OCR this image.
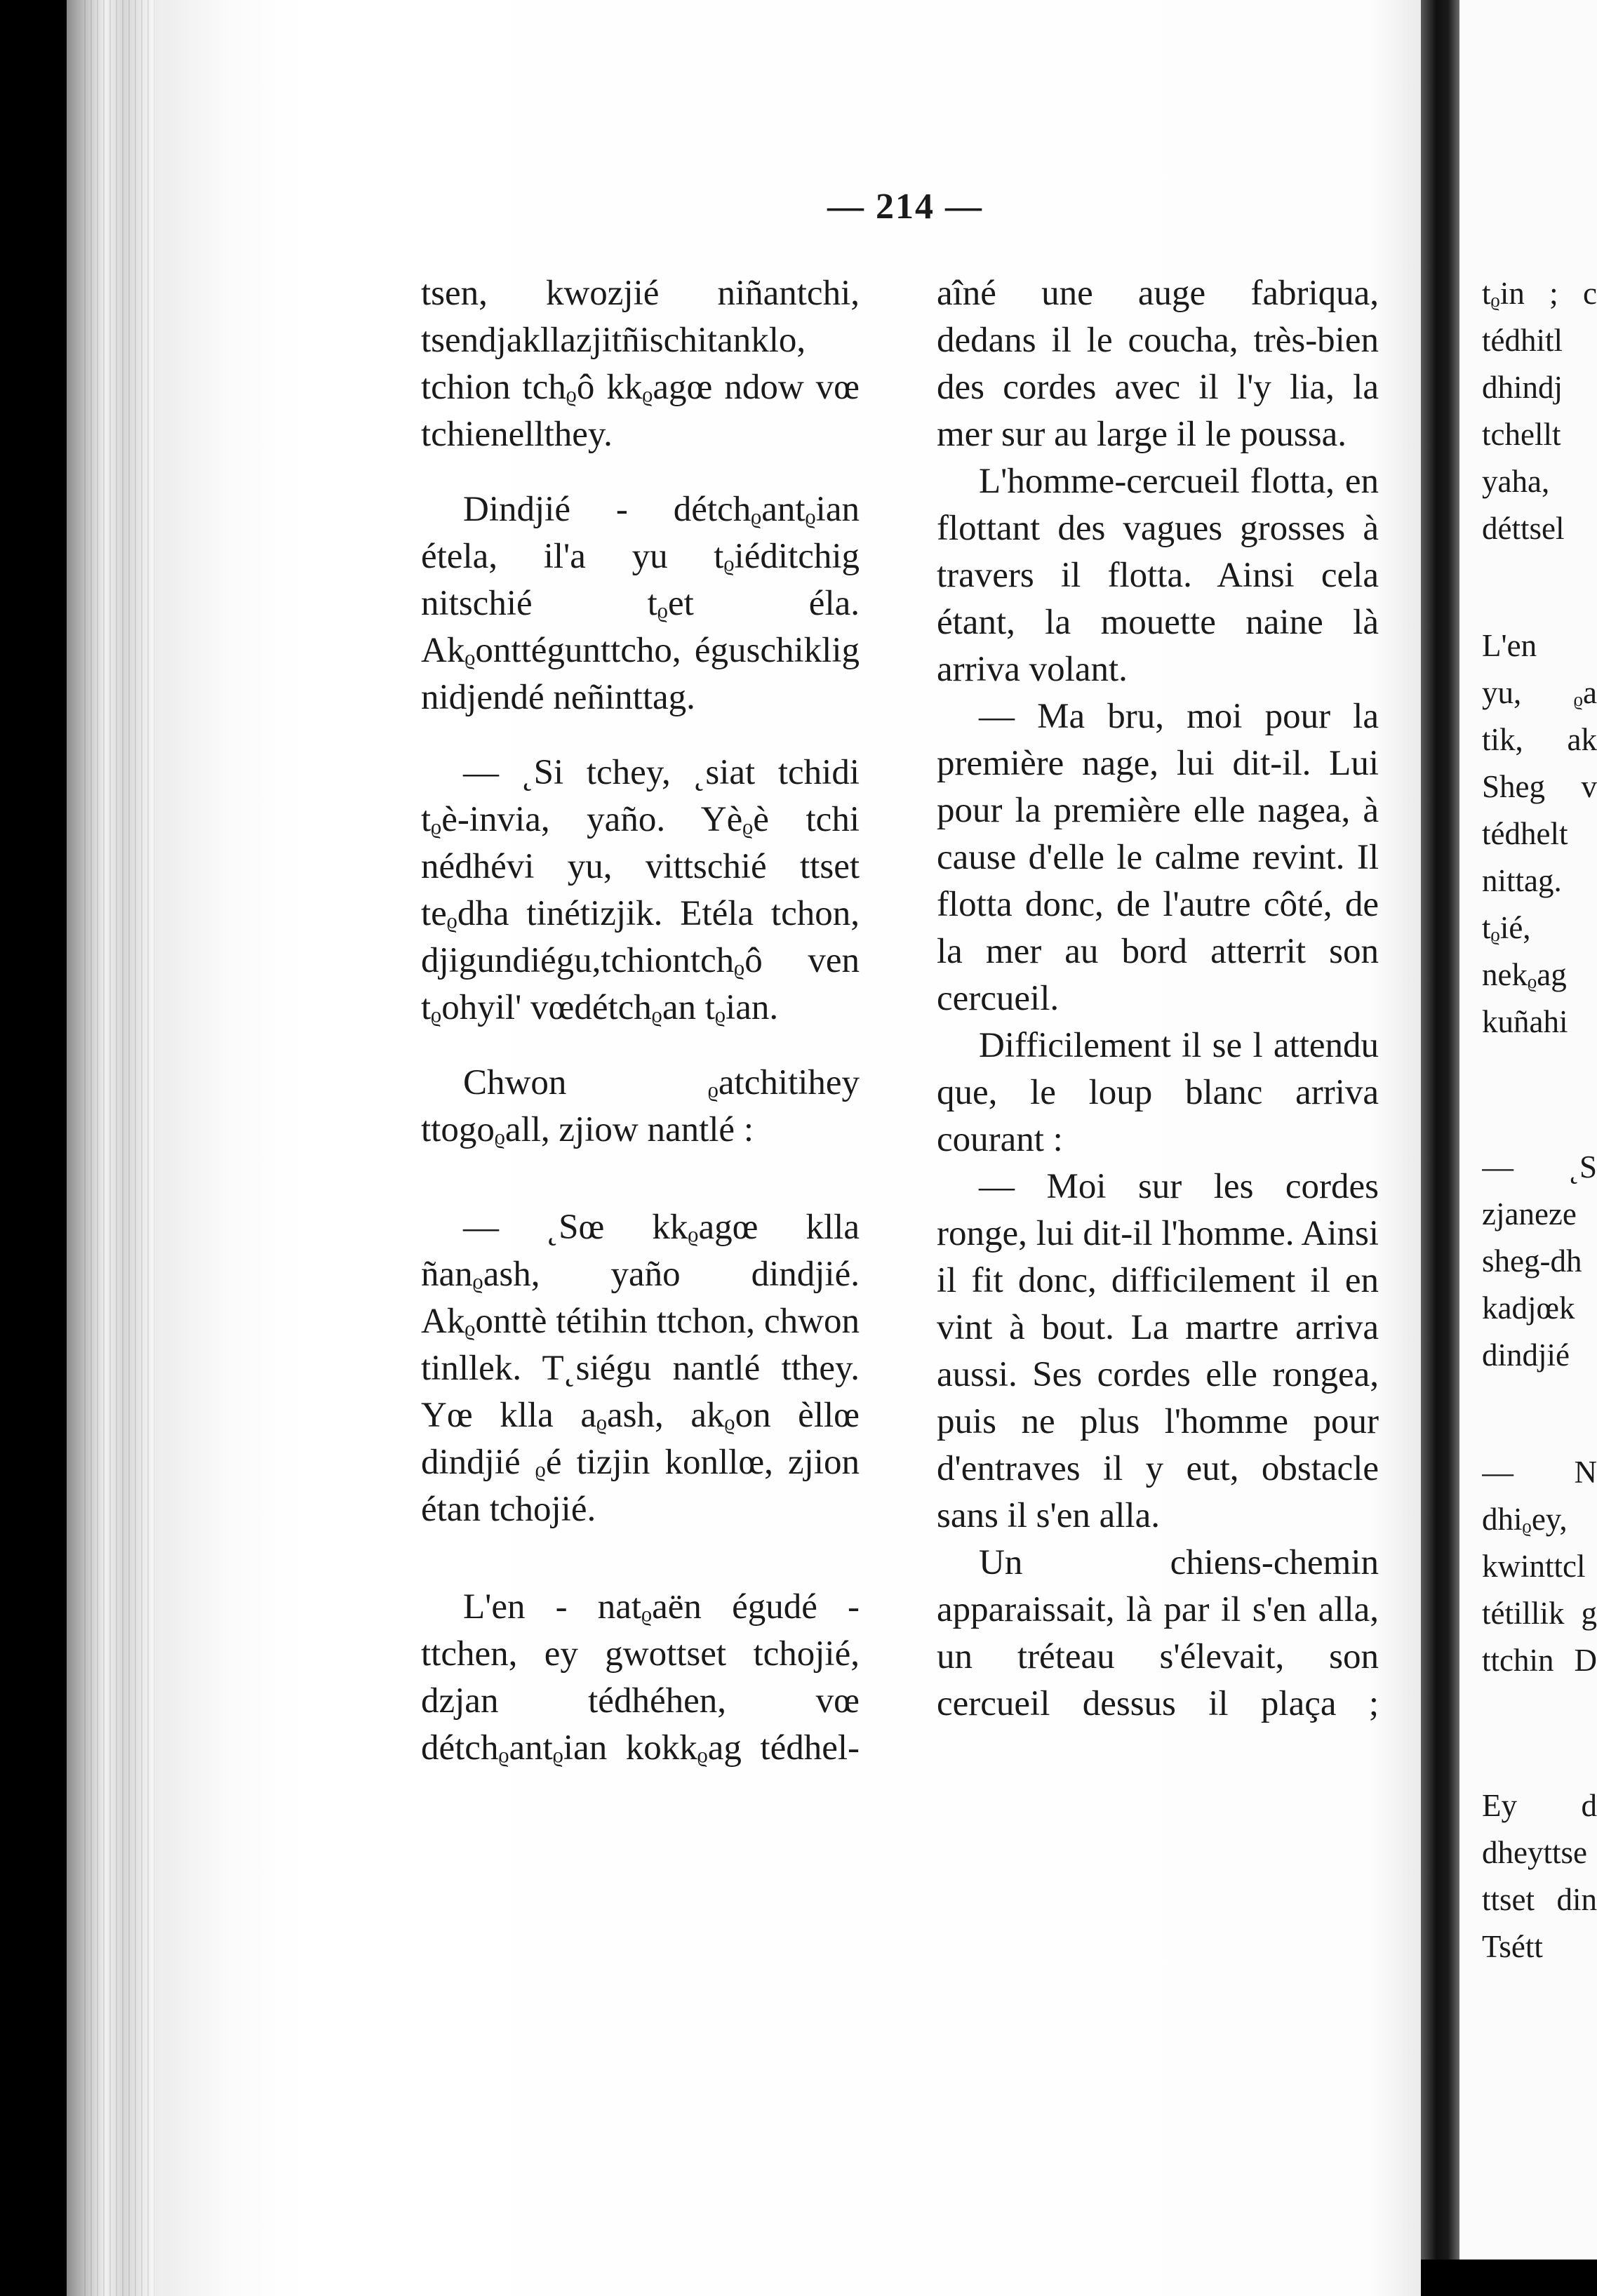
— 214 —

tsen, kwozjié niñantchi, tsendjakllazjitñischitanklo, tchion tchᵨô kkᵨagœ ndow vœ tchienellthey.

Dindjié - détchᵨantᵨian étela, il'a yu tᵨiéditchig nitschié tᵨet éla. Akᵨonttégunttcho, éguschiklig nidjendé neñinttag.

— ˛Si tchey, ˛siat tchidi tᵨè-invia, yaño. Yèᵨè tchi nédhévi yu, vittschié ttset teᵨdha tinétizjik. Etéla tchon, djigundiégu,tchiontchᵨô ven tᵨohyil' vœdétchᵨan tᵨian.

Chwon ᵨatchitihey ttogoᵨall, zjiow nantlé :

— ˛Sœ kkᵨagœ klla ñanᵨash, yaño dindjié. Akᵨonttè tétihin ttchon, chwon tinllek. T˛siégu nantlé tthey. Yœ klla aᵨash, akᵨon èllœ dindjié ᵨé tizjin konllœ, zjion étan tchojié.

L'en - natᵨaën égudé - ttchen, ey gwottset tchojié, dzjan tédhéhen, vœ détchᵨantᵨian kokkᵨag tédhel-

aîné une auge fabriqua, dedans il le coucha, très-bien des cordes avec il l'y lia, la mer sur au large il le poussa.

L'homme-cercueil flotta, en flottant des vagues grosses à travers il flotta. Ainsi cela étant, la mouette naine là arriva volant.

— Ma bru, moi pour la première nage, lui dit-il. Lui pour la première elle nagea, à cause d'elle le calme revint. Il flotta donc, de l'autre côté, de la mer au bord atterrit son cercueil.

Difficilement il se l attendu que, le loup blanc arriva courant :

— Moi sur les cordes ronge, lui dit-il l'homme. Ainsi il fit donc, difficilement il en vint à bout. La martre arriva aussi. Ses cordes elle rongea, puis ne plus l'homme pour d'entraves il y eut, obstacle sans il s'en alla.

Un chiens-chemin apparaissait, là par il s'en alla, un tréteau s'élevait, son cercueil dessus il plaça ;

tᵨin ; c

tédhitl

dhindj

tchellt

yaha,

déttsel

L'en

yu, ᵨa

tik, ak

Sheg v

tédhelt

nittag.

tᵨié,

nekᵨag

kuñahi

— ˛S

zjaneze

sheg-dh

kadjœk

dindjié

— N

dhiᵨey,

kwinttcl

tétillik g

ttchin D

Ey d

dheyttse

ttset din

Tsétt
